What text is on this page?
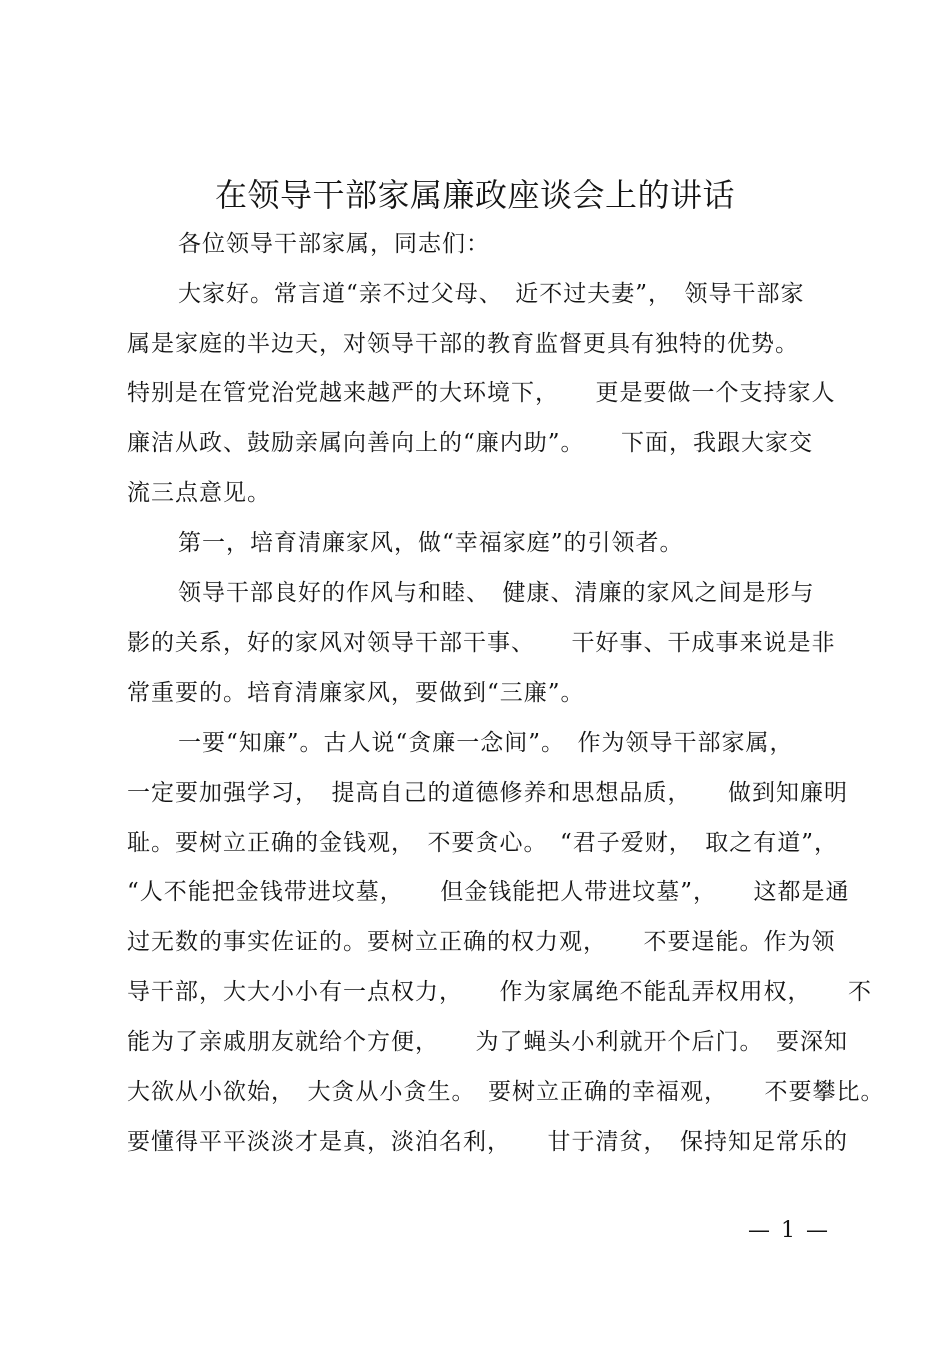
在领导干部家属廉政座谈会上的讲话
各位领导干部家属，同志们：
大家好。常言道“亲不过父母、　近不过夫妻”，　领导干部家
属是家庭的半边天，对领导干部的教育监督更具有独特的优势。
特别是在管党治党越来越严的大环境下，　　更是要做一个支持家人
廉洁从政、鼓励亲属向善向上的“廉内助”。　　下面，我跟大家交
流三点意见。
第一，培育清廉家风，做“幸福家庭”的引领者。
领导干部良好的作风与和睦、　健康、清廉的家风之间是形与
影的关系，好的家风对领导干部干事、　　干好事、干成事来说是非
常重要的。培育清廉家风，要做到“三廉”。
一要“知廉”。古人说“贪廉一念间”。　作为领导干部家属，
一定要加强学习，　提高自己的道德修养和思想品质，　　做到知廉明
耻。要树立正确的金钱观，　不要贪心。　“君子爱财，　取之有道”，
“人不能把金钱带进坟墓，　　但金钱能把人带进坟墓”，　　这都是通
过无数的事实佐证的。要树立正确的权力观，　　不要逞能。作为领
导干部，大大小小有一点权力，　　作为家属绝不能乱弄权用权，　　不
能为了亲戚朋友就给个方便，　　为了蝇头小利就开个后门。　要深知
大欲从小欲始，　大贪从小贪生。　要树立正确的幸福观，　　不要攀比。
要懂得平平淡淡才是真，淡泊名利，　　甘于清贫，　保持知足常乐的
— 1 —
